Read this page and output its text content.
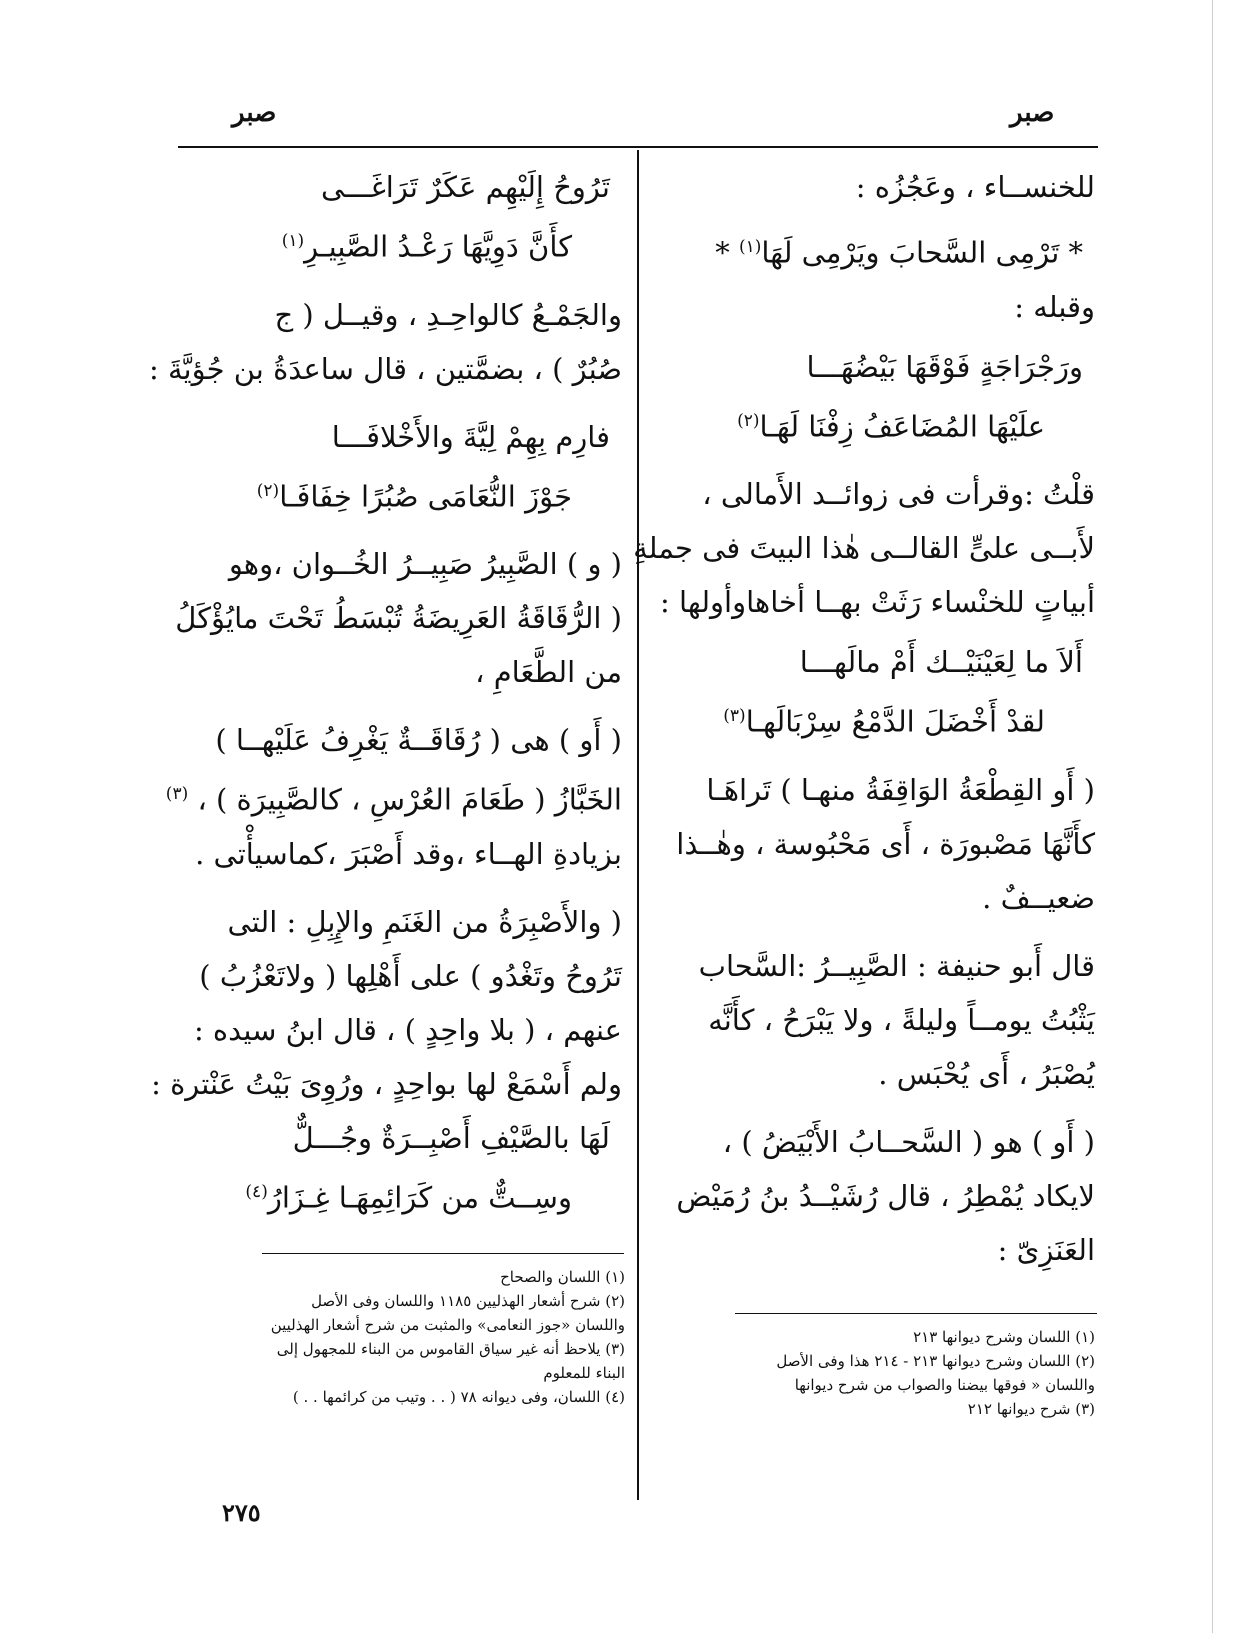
صبر
صبر
للخنســاء ، وعَجُزُه :
* تَرْمِى السَّحابَ ويَرْمِى لَهَا$^{(١)}$ *
وقبله :
ورَجْرَاجَةٍ فَوْقَهَا بَيْضُهَـــا
علَيْهَا المُضَاعَفُ زِفْنَا لَهَـا$^{(٢)}$
قلْتُ :وقرأت فى زوائــد الأَمالى ،
لأَبــى علىٍّ القالــى هٰذا البيتَ فى جملةِ
أبياتٍ للخنْساء رَثَتْ بهــا أخاهاوأولها :
أَلاَ ما لِعَيْنَيْــك أَمْ مالَهـــا
لقدْ أَخْضَلَ الدَّمْعُ سِرْبَالَهـا$^{(٣)}$
( أَو القِطْعَةُ الوَاقِفَةُ منهـا ) تَراهَـا
كأَنَّهَا مَصْبورَة ، أَى مَحْبُوسة ، وهٰــذا
ضعيــفٌ .
قال أَبو حنيفة : الصَّبِيــرُ :السَّحاب
يَثْبُتُ يومــاً وليلةً ، ولا يَبْرَحُ ، كأَنَّه
يُصْبَرُ ، أَى يُحْبَس .
( أَو ) هو ( السَّحــابُ الأَبْيَضُ ) ،
لايكاد يُمْطِرُ ، قال رُشَيْــدُ بنُ رُمَيْض
العَنَزِىّ :
تَرُوحُ إِلَيْهِم عَكَرٌ تَرَاغَـــى
كأَنَّ دَوِيَّهَا رَعْـدُ الصَّبِيـرِ$^{(١)}$
والجَمْـعُ كالواحِـدِ ، وقيــل ( ج
صُبُرٌ ) ، بضمَّتين ، قال ساعدَةُ بن جُؤيَّةَ :
فارِم بِهِمْ لِيَّةَ والأَخْلافَـــا
جَوْزَ النُّعَامَى صُبُرًا خِفَافَـا$^{(٢)}$
( و ) الصَّبِيرُ صَبِيــرُ الخُــوان ،وهو
( الرُّقَاقَةُ العَرِيضَةُ تُبْسَطُ تَحْتَ مايُؤْكَلُ
من الطَّعَامِ ،
( أَو ) هى ( رُقَاقَــةٌ يَغْرِفُ عَلَيْهــا )
الخَبَّازُ ( طَعَامَ العُرْسِ ، كالصَّبِيرَة ) ، $^{(٣)}$
بزيادةِ الهــاء ،وقد أَصْبَرَ ،كماسيأْتى .
( والأَصْبِرَةُ من الغَنَمِ والإِبِلِ : التى
تَرُوحُ وتَغْدُو ) على أَهْلِها ( ولاتَعْزُبُ )
عنهم ، ( بلا واحِدٍ ) ، قال ابنُ سيده :
ولم أَسْمَعْ لها بواحِدٍ ، ورُوِىَ بَيْتُ عَنْترة :
لَهَا بالصَّيْفِ أَصْبِــرَةٌ وجُـــلٌّ
وسِــتٌّ من كَرَائِمِهَـا غِـزَارُ$^{(٤)}$
(١) اللسان وشرح ديوانها ٢١٣
(٢) اللسان وشرح ديوانها ٢١٣ - ٢١٤ هذا وفى الأصل
واللسان « فوقها بيضنا والصواب من شرح ديوانها
(٣) شرح ديوانها ٢١٢
(١) اللسان والصحاح
(٢) شرح أشعار الهذليين ١١٨٥ واللسان وفى الأصل
واللسان «جوز النعامى» والمثبت من شرح أشعار الهذليين
(٣) يلاحظ أنه غير سياق القاموس من البناء للمجهول إلى
البناء للمعلوم
(٤) اللسان، وفى ديوانه ٧٨ ( . . وتيب من كرائمها . . )
٢٧٥
